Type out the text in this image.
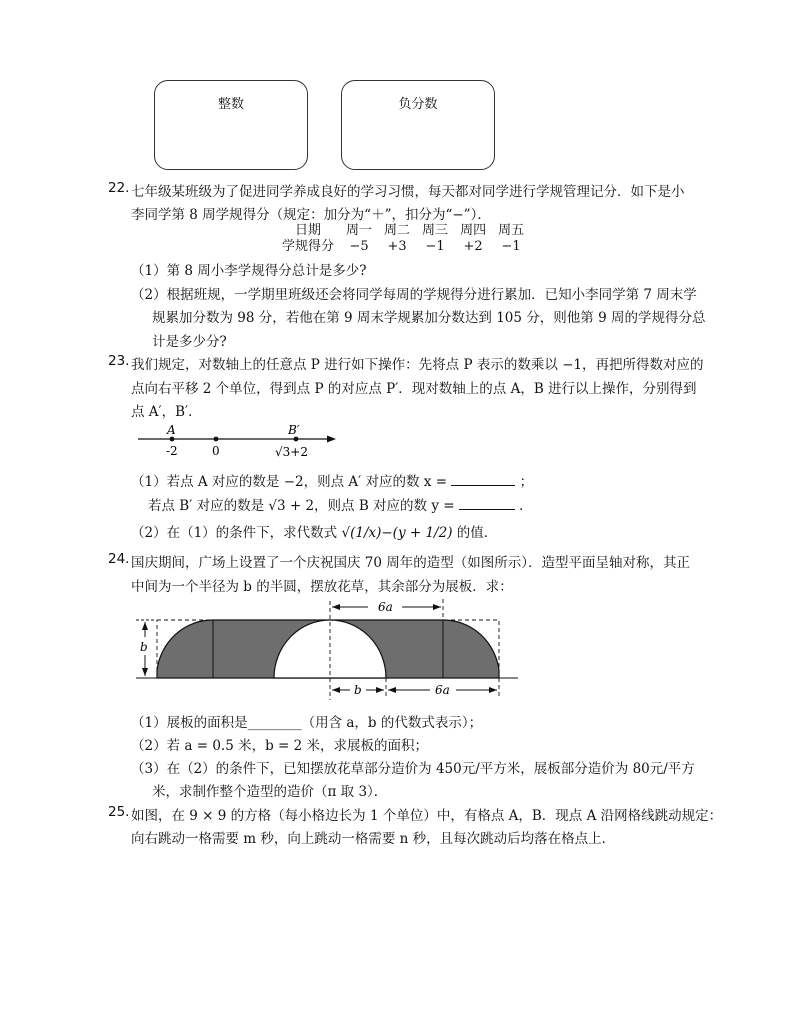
整数	负分数
22. 七年级某班级为了促进同学养成良好的学习习惯，每天都对同学进行学规管理记分．如下是小
李同学第 8 周学规得分（规定：加分为“＋”，扣分为“−”）．
日期	周一	周二	周三	周四	周五
学规得分	−5	+3	−1	+2	−1
（1）第 8 周小李学规得分总计是多少?
（2）根据班规，一学期里班级还会将同学每周的学规得分进行累加．已知小李同学第 7 周末学
规累加分数为 98 分，若他在第 9 周末学规累加分数达到 105 分，则他第 9 周的学规得分总
计是多少分?
23. 我们规定，对数轴上的任意点 P 进行如下操作：先将点 P 表示的数乘以 −1，再把所得数对应的
点向右平移 2 个单位，得到点 P 的对应点 P′．现对数轴上的点 A，B 进行以上操作，分别得到
点 A′，B′．
A	B′
-2	0	√3+2
（1）若点 A 对应的数是 −2，则点 A′ 对应的数 x =	；
若点 B′ 对应的数是 √3 + 2，则点 B 对应的数 y =	．
（2）在（1）的条件下，求代数式 √(1/x)−(y + 1/2) 的值．
24. 国庆期间，广场上设置了一个庆祝国庆 70 周年的造型（如图所示）．造型平面呈轴对称，其正
中间为一个半径为 b 的半圆，摆放花草，其余部分为展板．求：
6a
b
b	6a
（1）展板的面积是________（用含 a，b 的代数式表示）；
（2）若 a = 0.5 米，b = 2 米，求展板的面积；
（3）在（2）的条件下，已知摆放花草部分造价为 450元/平方米，展板部分造价为 80元/平方
米，求制作整个造型的造价（π 取 3）．
25. 如图，在 9 × 9 的方格（每小格边长为 1 个单位）中，有格点 A，B．现点 A 沿网格线跳动规定：
向右跳动一格需要 m 秒，向上跳动一格需要 n 秒，且每次跳动后均落在格点上．
